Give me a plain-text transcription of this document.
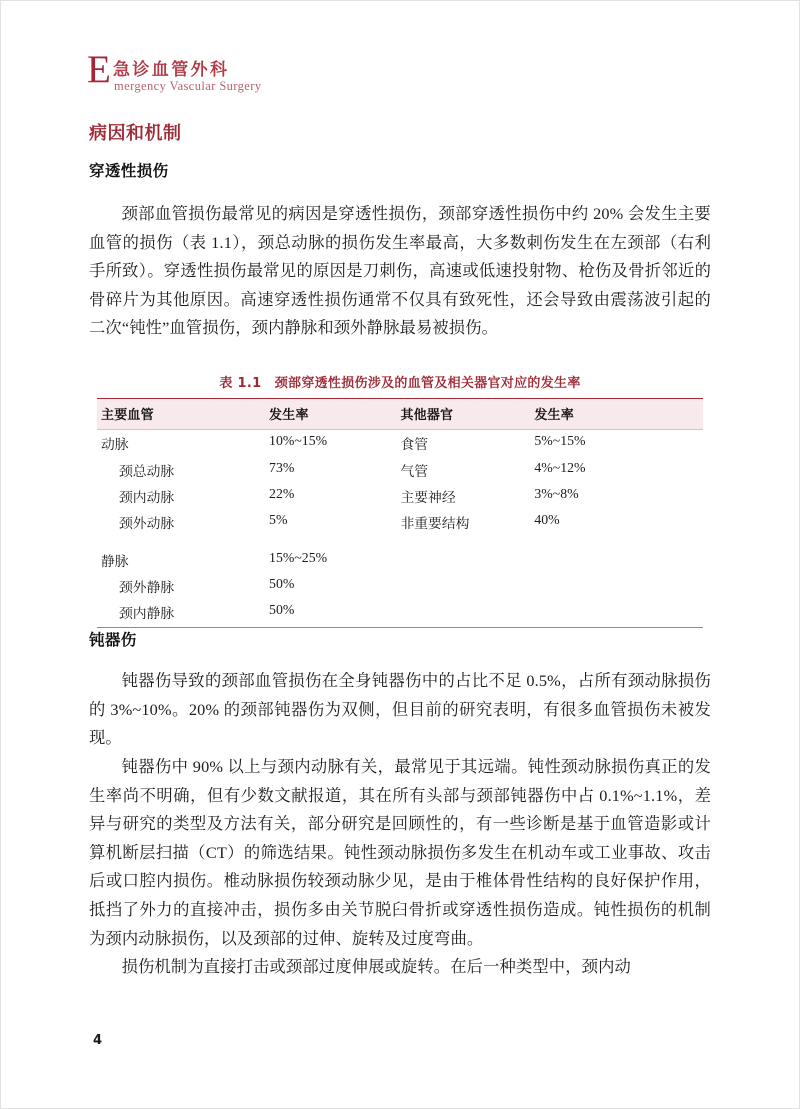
E 急诊血管外科
mergency Vascular Surgery
病因和机制
穿透性损伤
颈部血管损伤最常见的病因是穿透性损伤，颈部穿透性损伤中约 20% 会发生主要血管的损伤（表 1.1），颈总动脉的损伤发生率最高，大多数刺伤发生在左颈部（右利手所致）。穿透性损伤最常见的原因是刀刺伤，高速或低速投射物、枪伤及骨折邻近的骨碎片为其他原因。高速穿透性损伤通常不仅具有致死性，还会导致由震荡波引起的二次“钝性”血管损伤，颈内静脉和颈外静脉最易被损伤。
表 1.1　颈部穿透性损伤涉及的血管及相关器官对应的发生率
主要血管	发生率	其他器官	发生率
动脉	10%~15%	食管	5%~15%
颈总动脉	73%	气管	4%~12%
颈内动脉	22%	主要神经	3%~8%
颈外动脉	5%	非重要结构	40%

静脉	15%~25%		
颈外静脉	50%		
颈内静脉	50%		
钝器伤
钝器伤导致的颈部血管损伤在全身钝器伤中的占比不足 0.5%，占所有颈动脉损伤的 3%~10%。20% 的颈部钝器伤为双侧，但目前的研究表明，有很多血管损伤未被发现。
钝器伤中 90% 以上与颈内动脉有关，最常见于其远端。钝性颈动脉损伤真正的发生率尚不明确，但有少数文献报道，其在所有头部与颈部钝器伤中占 0.1%~1.1%，差异与研究的类型及方法有关，部分研究是回顾性的，有一些诊断是基于血管造影或计算机断层扫描（CT）的筛选结果。钝性颈动脉损伤多发生在机动车或工业事故、攻击后或口腔内损伤。椎动脉损伤较颈动脉少见，是由于椎体骨性结构的良好保护作用，抵挡了外力的直接冲击，损伤多由关节脱臼骨折或穿透性损伤造成。钝性损伤的机制为颈内动脉损伤，以及颈部的过伸、旋转及过度弯曲。
损伤机制为直接打击或颈部过度伸展或旋转。在后一种类型中，颈内动
4
